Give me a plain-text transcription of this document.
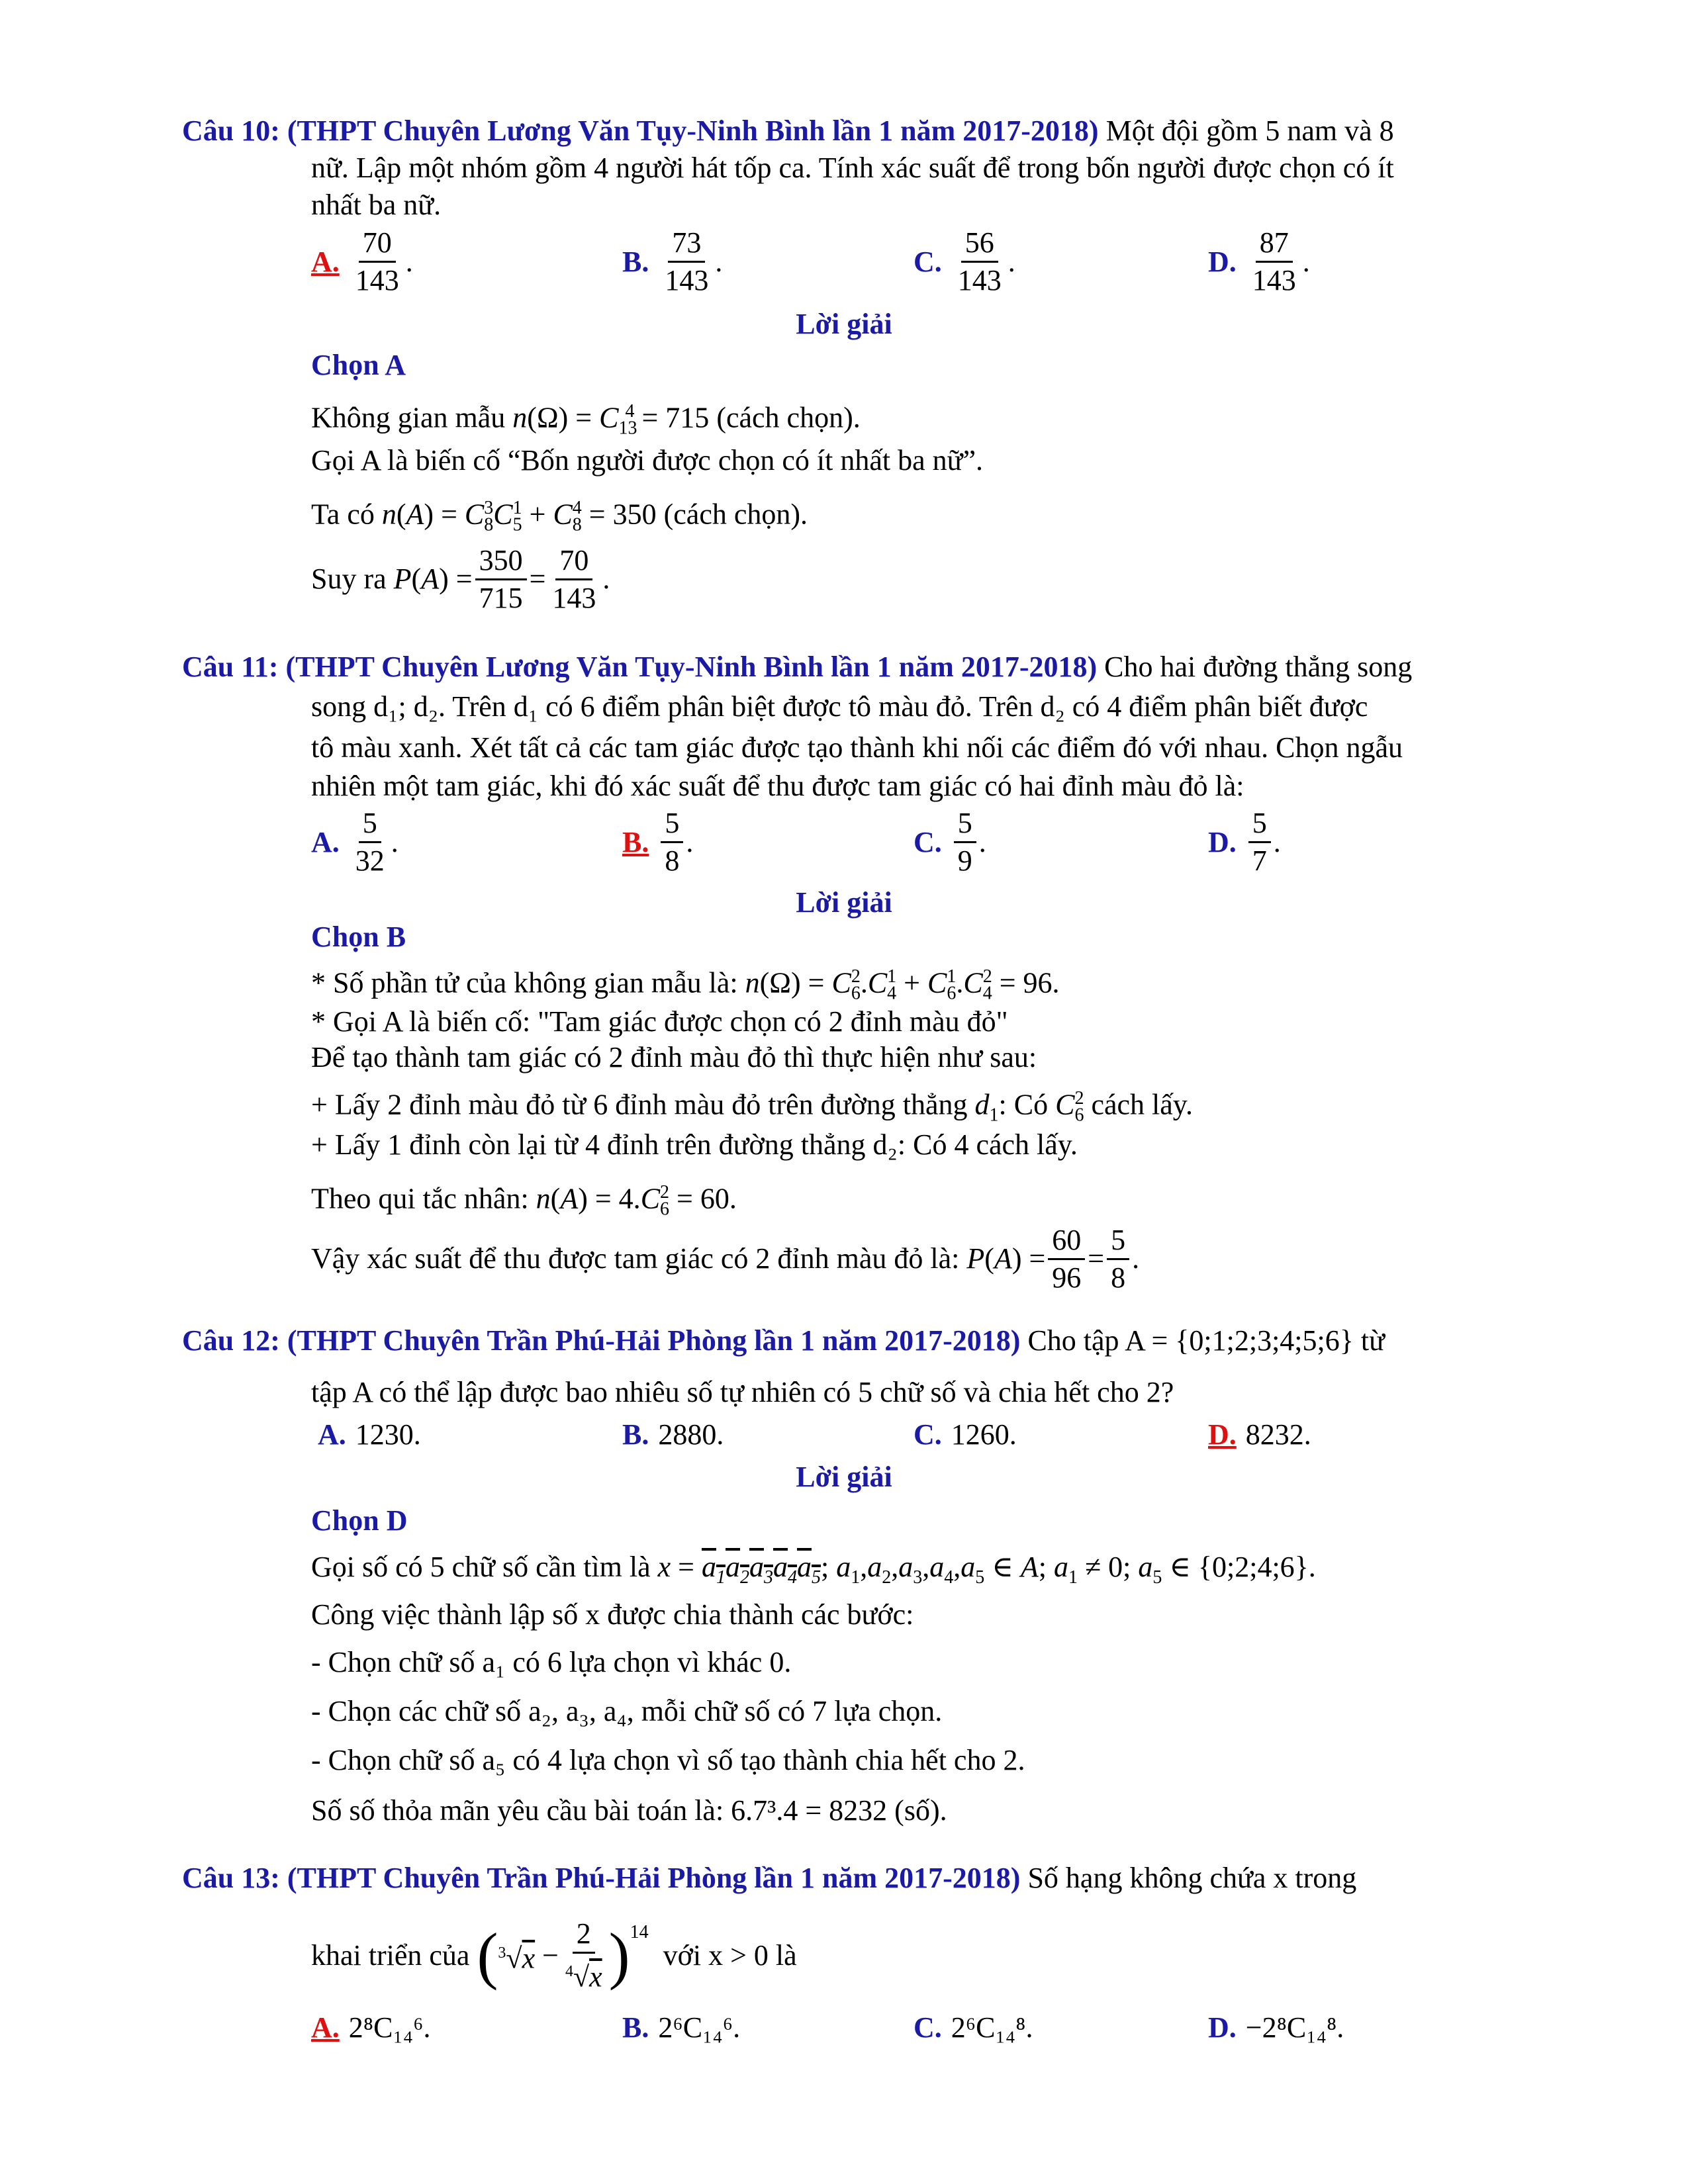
Câu 10: (THPT Chuyên Lương Văn Tụy-Ninh Bình lần 1 năm 2017-2018) Một đội gồm 5 nam và 8
nữ. Lập một nhóm gồm 4 người hát tốp ca. Tính xác suất để trong bốn người được chọn có ít
nhất ba nữ.
A. $\frac{70}{143}$ .	B. $\frac{73}{143}$ .	C. $\frac{56}{143}$ .	D. $\frac{87}{143}$ .
Lời giải
Chọn A
Không gian mẫu $n(\Omega) = C_{13}^4 = 715$ (cách chọn).
Gọi A là biến cố “Bốn người được chọn có ít nhất ba nữ”.
Ta có $n(A) = C_8^3C_5^1 + C_8^4 = 350$ (cách chọn).
Suy ra
P ( A ) = $\frac{350}{715} = \frac{70}{143}$ .
Câu 11: (THPT Chuyên Lương Văn Tụy-Ninh Bình lần 1 năm 2017-2018) Cho hai đường thẳng song
song d₁; d₂. Trên d₁ có 6 điểm phân biệt được tô màu đỏ. Trên d₂ có 4 điểm phân biết được
tô màu xanh. Xét tất cả các tam giác được tạo thành khi nối các điểm đó với nhau. Chọn ngẫu
nhiên một tam giác, khi đó xác suất để thu được tam giác có hai đỉnh màu đỏ là:
A. $\frac{5}{32}$ .	B. $\frac{5}{8}$ .	C. $\frac{5}{9}$ .	D. $\frac{5}{7}$ .
Lời giải
Chọn B
* Số phần tử của không gian mẫu là: $n(\Omega) = C_6^2.C_4^1 + C_6^1.C_4^2 = 96$.
* Gọi A là biến cố: "Tam giác được chọn có 2 đỉnh màu đỏ"
Để tạo thành tam giác có 2 đỉnh màu đỏ thì thực hiện như sau:
+ Lấy 2 đỉnh màu đỏ từ 6 đỉnh màu đỏ trên đường thẳng $d_1$: Có $C_6^2$ cách lấy.
+ Lấy 1 đỉnh còn lại từ 4 đỉnh trên đường thẳng d₂: Có 4 cách lấy.
Theo qui tắc nhân: $n(A) = 4.C_6^2 = 60$.
Vậy xác suất để thu được tam giác có 2 đỉnh màu đỏ là:
P ( A ) = $\frac{60}{96} = \frac{5}{8}$ .
Câu 12: (THPT Chuyên Trần Phú-Hải Phòng lần 1 năm 2017-2018) Cho tập A = {0;1;2;3;4;5;6} từ
tập A có thể lập được bao nhiêu số tự nhiên có 5 chữ số và chia hết cho 2?
A. 1230.	B. 2880.	C. 1260.	D. 8232.
Lời giải
Chọn D
Gọi số có 5 chữ số cần tìm là $x = a_1a_2a_3a_4a_5$; $a_1,a_2,a_3,a_4,a_5$ ∈ A; $a_1 \ne 0$; $a_5$ ∈ {0;2;4;6}.
Công việc thành lập số x được chia thành các bước:
- Chọn chữ số a₁ có 6 lựa chọn vì khác 0.
- Chọn các chữ số a₂, a₃, a₄, mỗi chữ số có 7 lựa chọn.
- Chọn chữ số a₅ có 4 lựa chọn vì số tạo thành chia hết cho 2.
Số số thỏa mãn yêu cầu bài toán là: 6.7³.4 = 8232 (số).
Câu 13: (THPT Chuyên Trần Phú-Hải Phòng lần 1 năm 2017-2018) Số hạng không chứa x trong
khai triển của
( $^3√x - \frac{2}{^4√x} )^{14}$

với x > 0 là
A. 2⁸C₁₄⁶.	B. 2⁶C₁₄⁶.	C. 2⁶C₁₄⁸.	D. −2⁸C₁₄⁸.
